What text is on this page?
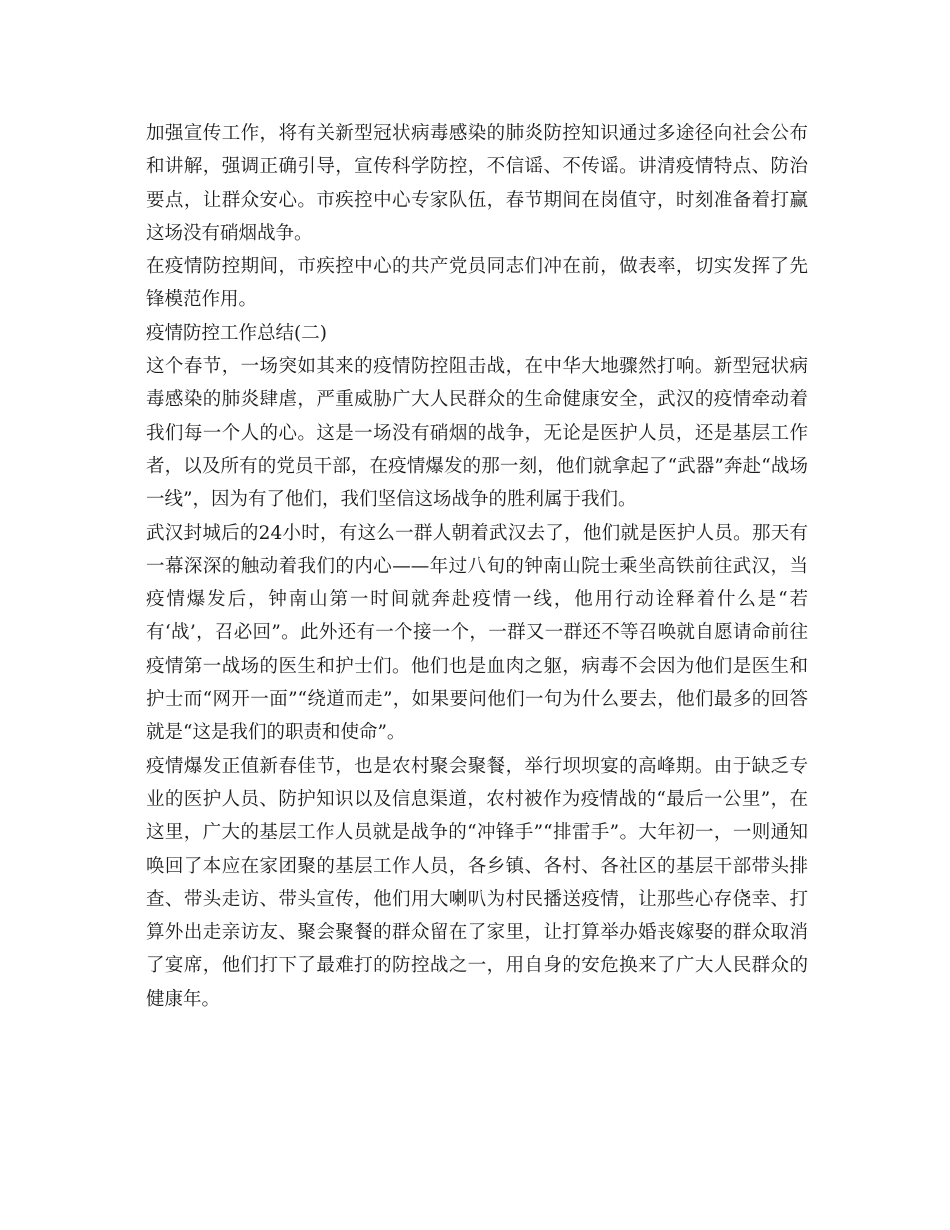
加强宣传工作，将有关新型冠状病毒感染的肺炎防控知识通过多途径向社会公布和讲解，强调正确引导，宣传科学防控，不信谣、不传谣。讲清疫情特点、防治要点，让群众安心。市疾控中心专家队伍，春节期间在岗值守，时刻准备着打赢这场没有硝烟战争。

在疫情防控期间，市疾控中心的共产党员同志们冲在前，做表率，切实发挥了先锋模范作用。

疫情防控工作总结(二)

这个春节，一场突如其来的疫情防控阻击战，在中华大地骤然打响。新型冠状病毒感染的肺炎肆虐，严重威胁广大人民群众的生命健康安全，武汉的疫情牵动着我们每一个人的心。这是一场没有硝烟的战争，无论是医护人员，还是基层工作者，以及所有的党员干部，在疫情爆发的那一刻，他们就拿起了“武器”奔赴“战场一线”，因为有了他们，我们坚信这场战争的胜利属于我们。

武汉封城后的24小时，有这么一群人朝着武汉去了，他们就是医护人员。那天有一幕深深的触动着我们的内心——年过八旬的钟南山院士乘坐高铁前往武汉，当疫情爆发后，钟南山第一时间就奔赴疫情一线，他用行动诠释着什么是“若有‘战’，召必回”。此外还有一个接一个，一群又一群还不等召唤就自愿请命前往疫情第一战场的医生和护士们。他们也是血肉之躯，病毒不会因为他们是医生和护士而“网开一面”“绕道而走”，如果要问他们一句为什么要去，他们最多的回答就是“这是我们的职责和使命”。

疫情爆发正值新春佳节，也是农村聚会聚餐，举行坝坝宴的高峰期。由于缺乏专业的医护人员、防护知识以及信息渠道，农村被作为疫情战的“最后一公里”，在这里，广大的基层工作人员就是战争的“冲锋手”“排雷手”。大年初一，一则通知唤回了本应在家团聚的基层工作人员，各乡镇、各村、各社区的基层干部带头排查、带头走访、带头宣传，他们用大喇叭为村民播送疫情，让那些心存侥幸、打算外出走亲访友、聚会聚餐的群众留在了家里，让打算举办婚丧嫁娶的群众取消了宴席，他们打下了最难打的防控战之一，用自身的安危换来了广大人民群众的健康年。
